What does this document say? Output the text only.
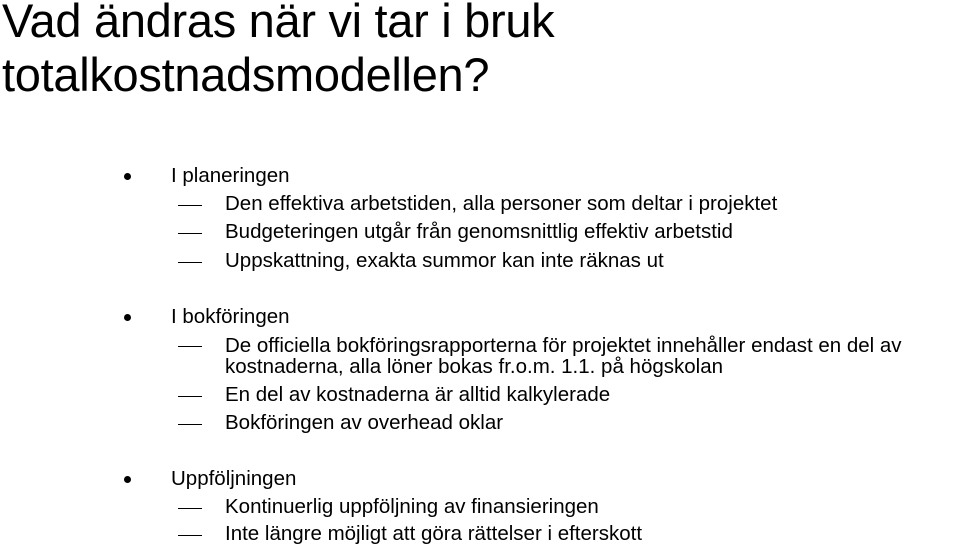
Vad ändras när vi tar i bruk
totalkostnadsmodellen?
I planeringen
Den effektiva arbetstiden, alla personer som deltar i projektet
Budgeteringen utgår från genomsnittlig effektiv arbetstid
Uppskattning, exakta summor kan inte räknas ut
I bokföringen
De officiella bokföringsrapporterna för projektet innehåller endast en del av kostnaderna, alla löner bokas fr.o.m. 1.1. på högskolan
En del av kostnaderna är alltid kalkylerade
Bokföringen av overhead oklar
Uppföljningen
Kontinuerlig uppföljning av finansieringen
Inte längre möjligt att göra rättelser i efterskott
